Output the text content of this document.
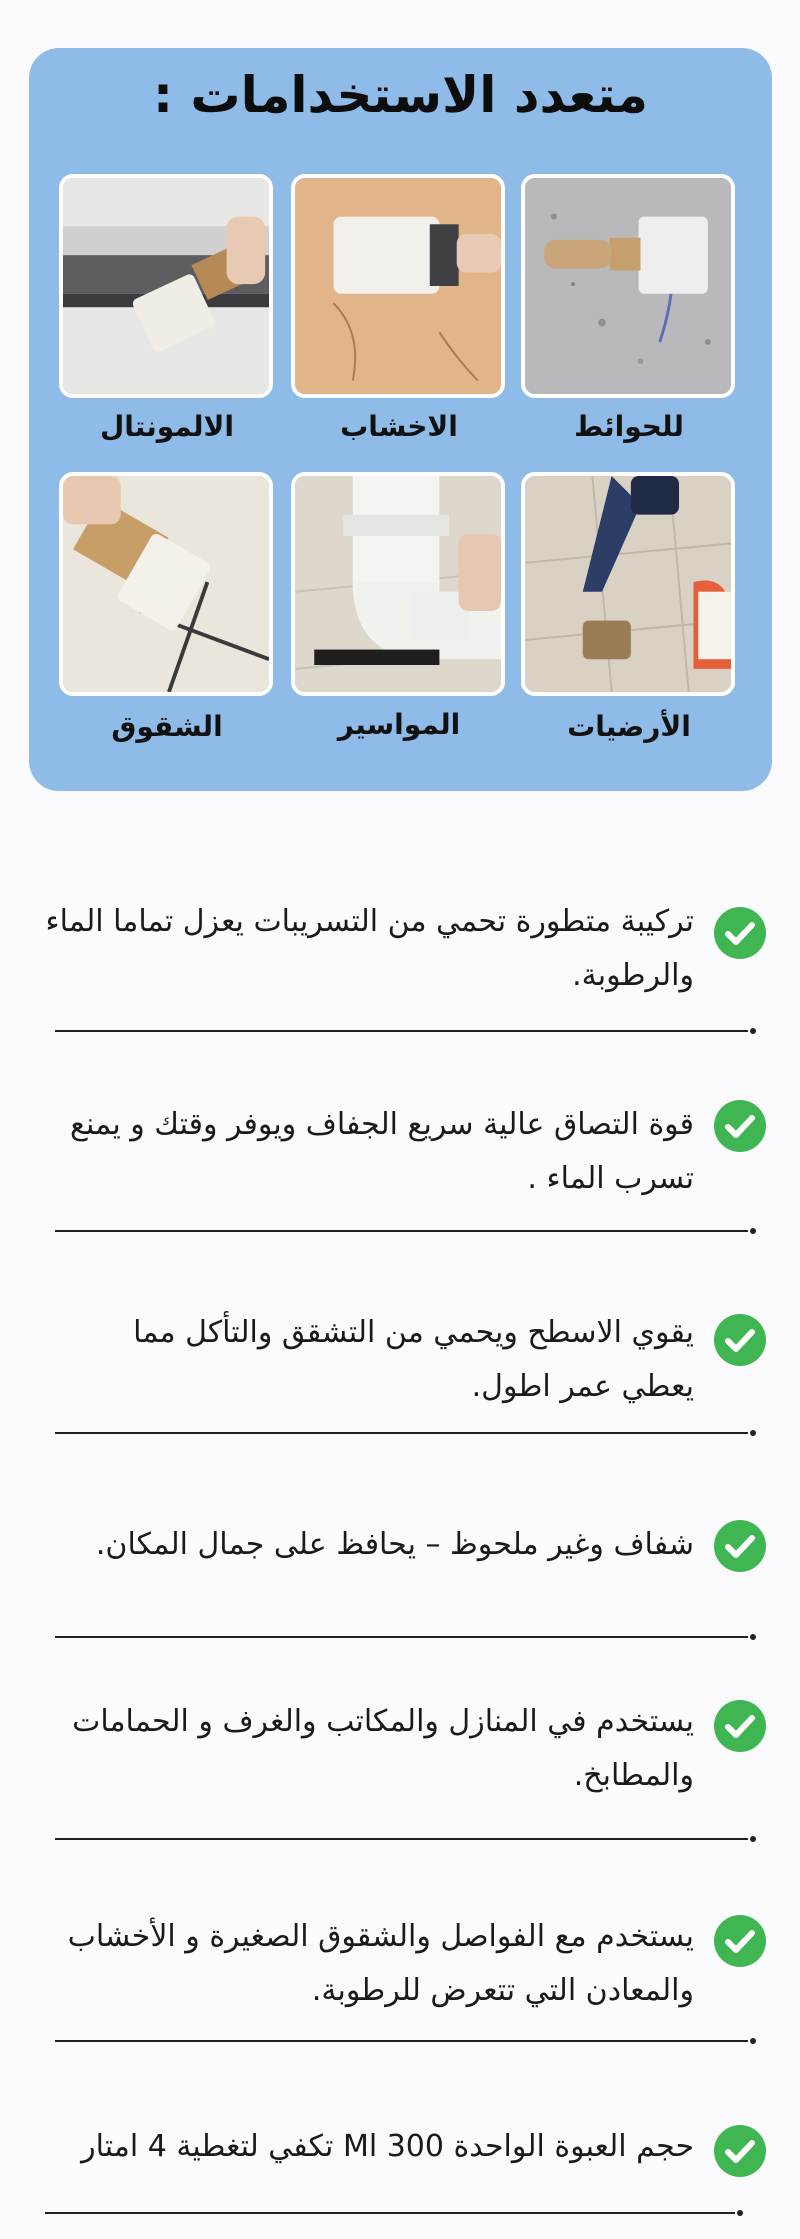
متعدد الاستخدامات :
للحوائط
الاخشاب
الالمونتال
الأرضيات
المواسير
الشقوق
تركيبة متطورة تحمي من التسريبات يعزل تماما الماء والرطوبة.
قوة التصاق عالية سريع الجفاف ويوفر وقتك و يمنع تسرب الماء .
يقوي الاسطح ويحمي من التشقق والتأكل مما يعطي عمر اطول.
شفاف وغير ملحوظ – يحافظ على جمال المكان.
يستخدم في المنازل والمكاتب والغرف و الحمامات والمطابخ.
يستخدم مع الفواصل والشقوق الصغيرة و الأخشاب والمعادن التي تتعرض للرطوبة.
حجم العبوة الواحدة 300 Ml تكفي لتغطية 4 امتار
